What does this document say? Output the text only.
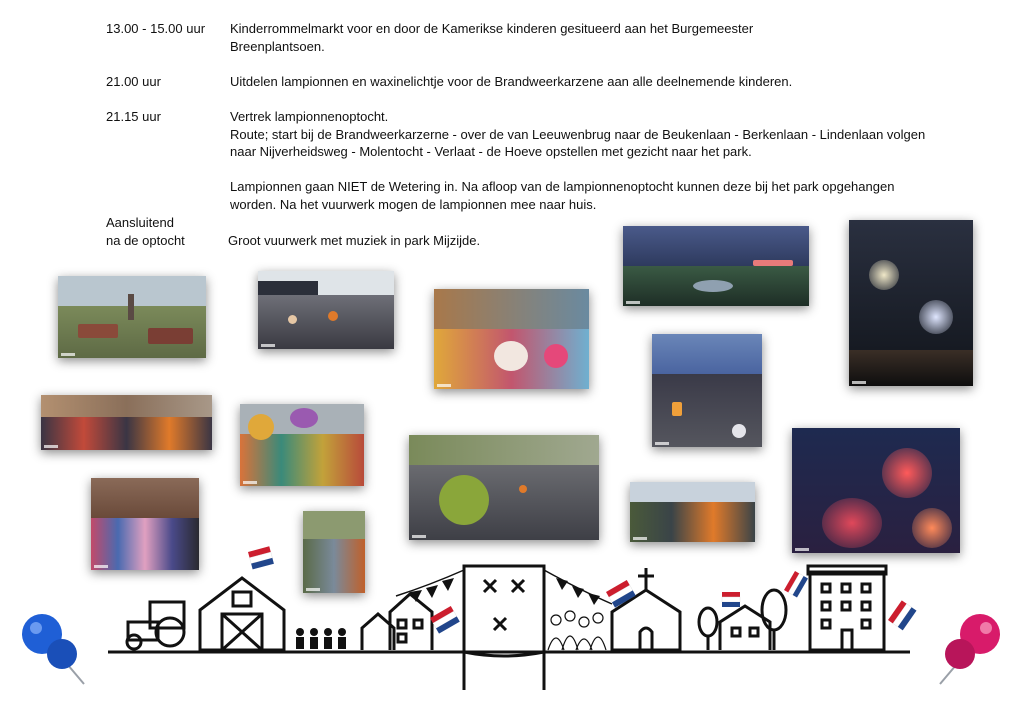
13.00 - 15.00 uur Kinderrommelmarkt voor en door de Kamerikse kinderen gesitueerd aan het Burgemeester
Breenplantsoen.
21.00 uur	Uitdelen lampionnen en waxinelichtje voor de Brandweerkarzene aan alle deelnemende kinderen.
21.15 uur	Vertrek lampionnenoptocht.
Route; start bij de Brandweerkarzerne - over de van Leeuwenbrug naar de Beukenlaan - Berkenlaan - Lindenlaan volgen
naar Nijverheidsweg - Molentocht - Verlaat - de Hoeve opstellen met gezicht naar het park.
Lampionnen gaan NIET de Wetering in. Na afloop van de lampionnenoptocht kunnen deze bij het park opgehangen
worden. Na het vuurwerk mogen de lampionnen mee naar huis.
Aansluitend
na de optocht	Groot vuurwerk met muziek in park Mijzijde.
